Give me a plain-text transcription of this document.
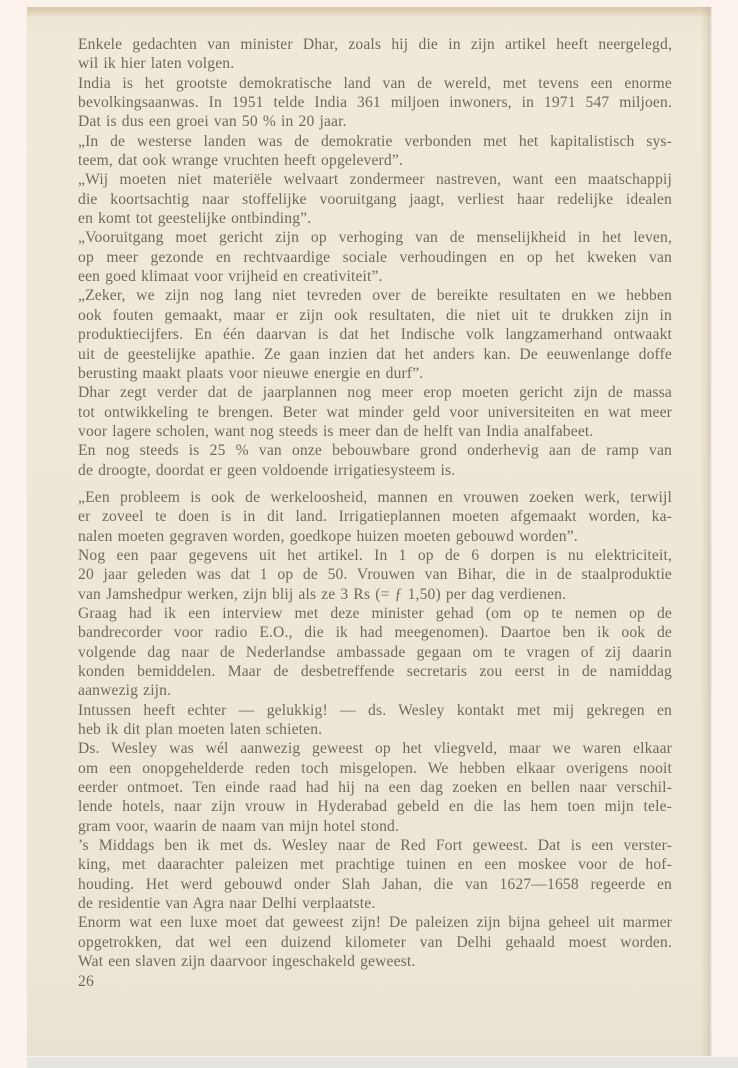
Enkele gedachten van minister Dhar, zoals hij die in zijn artikel heeft neergelegd,
wil ik hier laten volgen.
India is het grootste demokratische land van de wereld, met tevens een enorme
bevolkingsaanwas. In 1951 telde India 361 miljoen inwoners, in 1971 547 miljoen.
Dat is dus een groei van 50 % in 20 jaar.
„In de westerse landen was de demokratie verbonden met het kapitalistisch sys-
teem, dat ook wrange vruchten heeft opgeleverd”.
„Wij moeten niet materiële welvaart zondermeer nastreven, want een maatschappij
die koortsachtig naar stoffelijke vooruitgang jaagt, verliest haar redelijke idealen
en komt tot geestelijke ontbinding”.
„Vooruitgang moet gericht zijn op verhoging van de menselijkheid in het leven,
op meer gezonde en rechtvaardige sociale verhoudingen en op het kweken van
een goed klimaat voor vrijheid en creativiteit”.
„Zeker, we zijn nog lang niet tevreden over de bereikte resultaten en we hebben
ook fouten gemaakt, maar er zijn ook resultaten, die niet uit te drukken zijn in
produktiecijfers. En één daarvan is dat het Indische volk langzamerhand ontwaakt
uit de geestelijke apathie. Ze gaan inzien dat het anders kan. De eeuwenlange doffe
berusting maakt plaats voor nieuwe energie en durf”.
Dhar zegt verder dat de jaarplannen nog meer erop moeten gericht zijn de massa
tot ontwikkeling te brengen. Beter wat minder geld voor universiteiten en wat meer
voor lagere scholen, want nog steeds is meer dan de helft van India analfabeet.
En nog steeds is 25 % van onze bebouwbare grond onderhevig aan de ramp van
de droogte, doordat er geen voldoende irrigatiesysteem is.
„Een probleem is ook de werkeloosheid, mannen en vrouwen zoeken werk, terwijl
er zoveel te doen is in dit land. Irrigatieplannen moeten afgemaakt worden, ka-
nalen moeten gegraven worden, goedkope huizen moeten gebouwd worden”.
Nog een paar gegevens uit het artikel. In 1 op de 6 dorpen is nu elektriciteit,
20 jaar geleden was dat 1 op de 50. Vrouwen van Bihar, die in de staalproduktie
van Jamshedpur werken, zijn blij als ze 3 Rs (= ƒ 1,50) per dag verdienen.
Graag had ik een interview met deze minister gehad (om op te nemen op de
bandrecorder voor radio E.O., die ik had meegenomen). Daartoe ben ik ook de
volgende dag naar de Nederlandse ambassade gegaan om te vragen of zij daarin
konden bemiddelen. Maar de desbetreffende secretaris zou eerst in de namiddag
aanwezig zijn.
Intussen heeft echter — gelukkig! — ds. Wesley kontakt met mij gekregen en
heb ik dit plan moeten laten schieten.
Ds. Wesley was wél aanwezig geweest op het vliegveld, maar we waren elkaar
om een onopgehelderde reden toch misgelopen. We hebben elkaar overigens nooit
eerder ontmoet. Ten einde raad had hij na een dag zoeken en bellen naar verschil-
lende hotels, naar zijn vrouw in Hyderabad gebeld en die las hem toen mijn tele-
gram voor, waarin de naam van mijn hotel stond.
’s Middags ben ik met ds. Wesley naar de Red Fort geweest. Dat is een verster-
king, met daarachter paleizen met prachtige tuinen en een moskee voor de hof-
houding. Het werd gebouwd onder Slah Jahan, die van 1627—1658 regeerde en
de residentie van Agra naar Delhi verplaatste.
Enorm wat een luxe moet dat geweest zijn! De paleizen zijn bijna geheel uit marmer
opgetrokken, dat wel een duizend kilometer van Delhi gehaald moest worden.
Wat een slaven zijn daarvoor ingeschakeld geweest.
26
